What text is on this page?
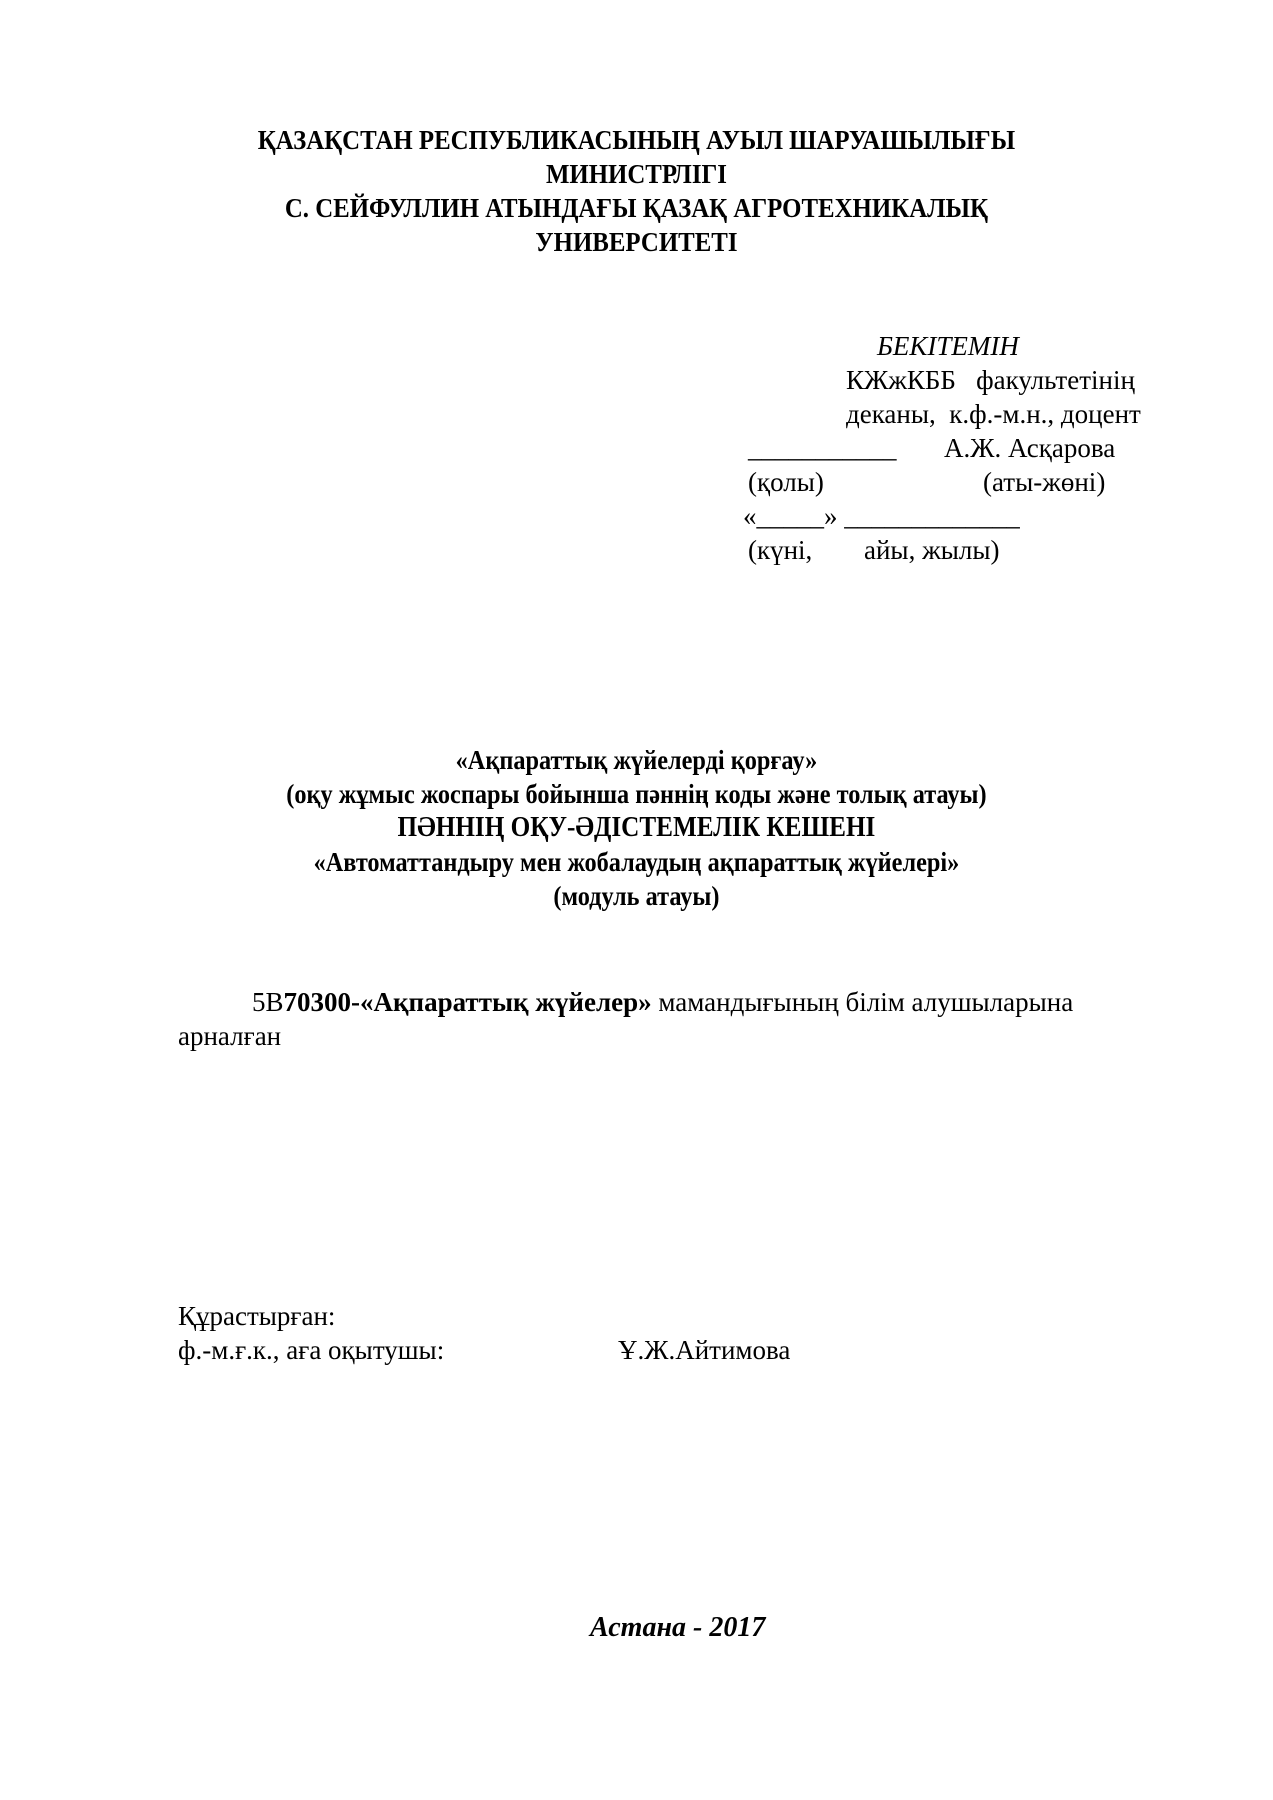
ҚАЗАҚСТАН РЕСПУБЛИКАСЫНЫҢ АУЫЛ ШАРУАШЫЛЫҒЫ
МИНИСТРЛІГІ
С. СЕЙФУЛЛИН АТЫНДАҒЫ ҚАЗАҚ АГРОТЕХНИКАЛЫҚ
УНИВЕРСИТЕТІ
БЕКІТЕМІН
КЖжКББ   факультетінің
деканы,  к.ф.-м.н., доцент
___________ А.Ж. Асқарова
(қолы)	(аты-жөні)
«_____» _____________
(күні, айы, жылы)
«Ақпараттық жүйелерді қорғау»
(оқу жұмыс жоспары бойынша пәннің коды және толық атауы)
ПӘННІҢ ОҚУ-ӘДІСТЕМЕЛІК КЕШЕНІ
«Автоматтандыру мен жобалаудың ақпараттық жүйелері»
(модуль атауы)
5В70300-«Ақпараттық жүйелер» мамандығының білім алушыларына
арналған
Құрастырған:
ф.-м.ғ.к., аға оқытушы:	Ұ.Ж.Айтимова
Астана - 2017
